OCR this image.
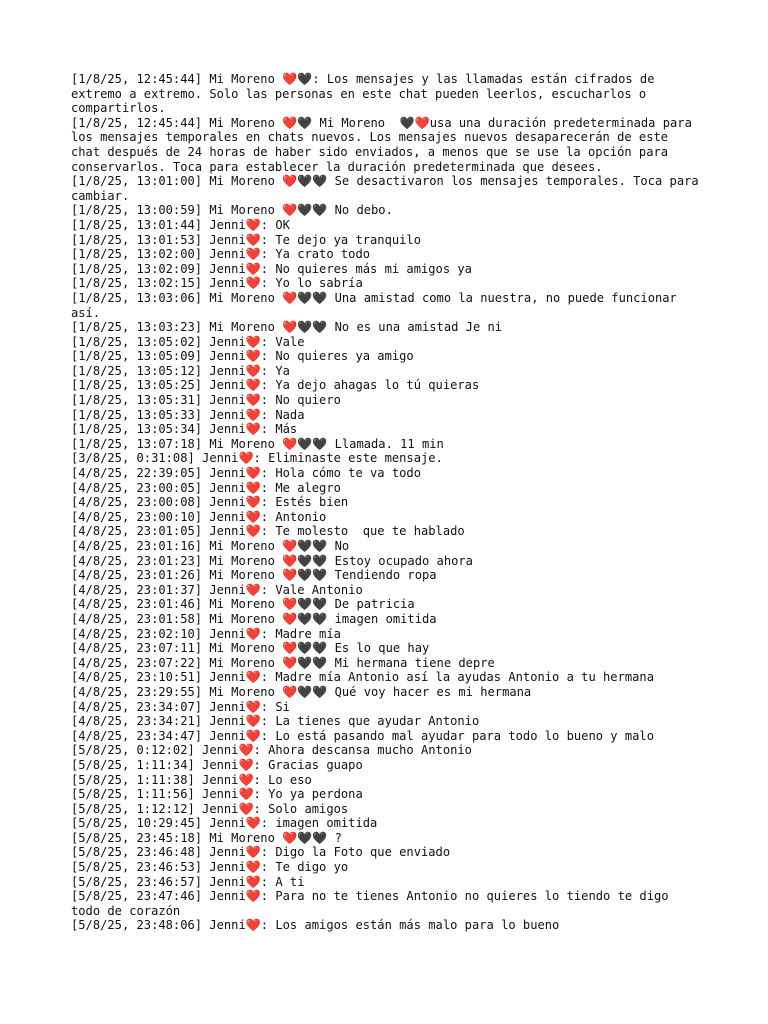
[1/8/25, 12:45:44] Mi Moreno ❤️🖤: Los mensajes y las llamadas están cifrados de extremo a extremo. Solo las personas en este chat pueden leerlos, escucharlos o compartirlos.

[1/8/25, 12:45:44] Mi Moreno ❤️🖤 Mi Moreno  🖤❤️usa una duración predeterminada para los mensajes temporales en chats nuevos. Los mensajes nuevos desaparecerán de este chat después de 24 horas de haber sido enviados, a menos que se use la opción para conservarlos. Toca para establecer la duración predeterminada que desees.

[1/8/25, 13:01:00] Mi Moreno ❤️🖤🖤 Se desactivaron los mensajes temporales. Toca para cambiar.

[1/8/25, 13:00:59] Mi Moreno ❤️🖤🖤 No debo.

[1/8/25, 13:01:44] Jenni❤️: OK

[1/8/25, 13:01:53] Jenni❤️: Te dejo ya tranquilo

[1/8/25, 13:02:00] Jenni❤️: Ya crato todo

[1/8/25, 13:02:09] Jenni❤️: No quieres más mi amigos ya

[1/8/25, 13:02:15] Jenni❤️: Yo lo sabría

[1/8/25, 13:03:06] Mi Moreno ❤️🖤🖤 Una amistad como la nuestra, no puede funcionar así.

[1/8/25, 13:03:23] Mi Moreno ❤️🖤🖤 No es una amistad Je ni

[1/8/25, 13:05:02] Jenni❤️: Vale

[1/8/25, 13:05:09] Jenni❤️: No quieres ya amigo

[1/8/25, 13:05:12] Jenni❤️: Ya

[1/8/25, 13:05:25] Jenni❤️: Ya dejo ahagas lo tú quieras

[1/8/25, 13:05:31] Jenni❤️: No quiero

[1/8/25, 13:05:33] Jenni❤️: Nada

[1/8/25, 13:05:34] Jenni❤️: Más

[1/8/25, 13:07:18] Mi Moreno ❤️🖤🖤 Llamada. 11 min

[3/8/25, 0:31:08] Jenni❤️: Eliminaste este mensaje.

[4/8/25, 22:39:05] Jenni❤️: Hola cómo te va todo

[4/8/25, 23:00:05] Jenni❤️: Me alegro

[4/8/25, 23:00:08] Jenni❤️: Estés bien

[4/8/25, 23:00:10] Jenni❤️: Antonio

[4/8/25, 23:01:05] Jenni❤️: Te molesto  que te hablado

[4/8/25, 23:01:16] Mi Moreno ❤️🖤🖤 No

[4/8/25, 23:01:23] Mi Moreno ❤️🖤🖤 Estoy ocupado ahora

[4/8/25, 23:01:26] Mi Moreno ❤️🖤🖤 Tendiendo ropa

[4/8/25, 23:01:37] Jenni❤️: Vale Antonio

[4/8/25, 23:01:46] Mi Moreno ❤️🖤🖤 De patricia

[4/8/25, 23:01:58] Mi Moreno ❤️🖤🖤 imagen omitida

[4/8/25, 23:02:10] Jenni❤️: Madre mía

[4/8/25, 23:07:11] Mi Moreno ❤️🖤🖤 Es lo que hay

[4/8/25, 23:07:22] Mi Moreno ❤️🖤🖤 Mi hermana tiene depre

[4/8/25, 23:10:51] Jenni❤️: Madre mía Antonio así la ayudas Antonio a tu hermana

[4/8/25, 23:29:55] Mi Moreno ❤️🖤🖤 Qué voy hacer es mi hermana

[4/8/25, 23:34:07] Jenni❤️: Si

[4/8/25, 23:34:21] Jenni❤️: La tienes que ayudar Antonio

[4/8/25, 23:34:47] Jenni❤️: Lo está pasando mal ayudar para todo lo bueno y malo

[5/8/25, 0:12:02] Jenni❤️: Ahora descansa mucho Antonio

[5/8/25, 1:11:34] Jenni❤️: Gracias guapo

[5/8/25, 1:11:38] Jenni❤️: Lo eso

[5/8/25, 1:11:56] Jenni❤️: Yo ya perdona

[5/8/25, 1:12:12] Jenni❤️: Solo amigos

[5/8/25, 10:29:45] Jenni❤️: imagen omitida

[5/8/25, 23:45:18] Mi Moreno ❤️🖤🖤 ?

[5/8/25, 23:46:48] Jenni❤️: Digo la Foto que enviado

[5/8/25, 23:46:53] Jenni❤️: Te digo yo

[5/8/25, 23:46:57] Jenni❤️: A ti

[5/8/25, 23:47:46] Jenni❤️: Para no te tienes Antonio no quieres lo tiendo te digo todo de corazón

[5/8/25, 23:48:06] Jenni❤️: Los amigos están más malo para lo bueno
